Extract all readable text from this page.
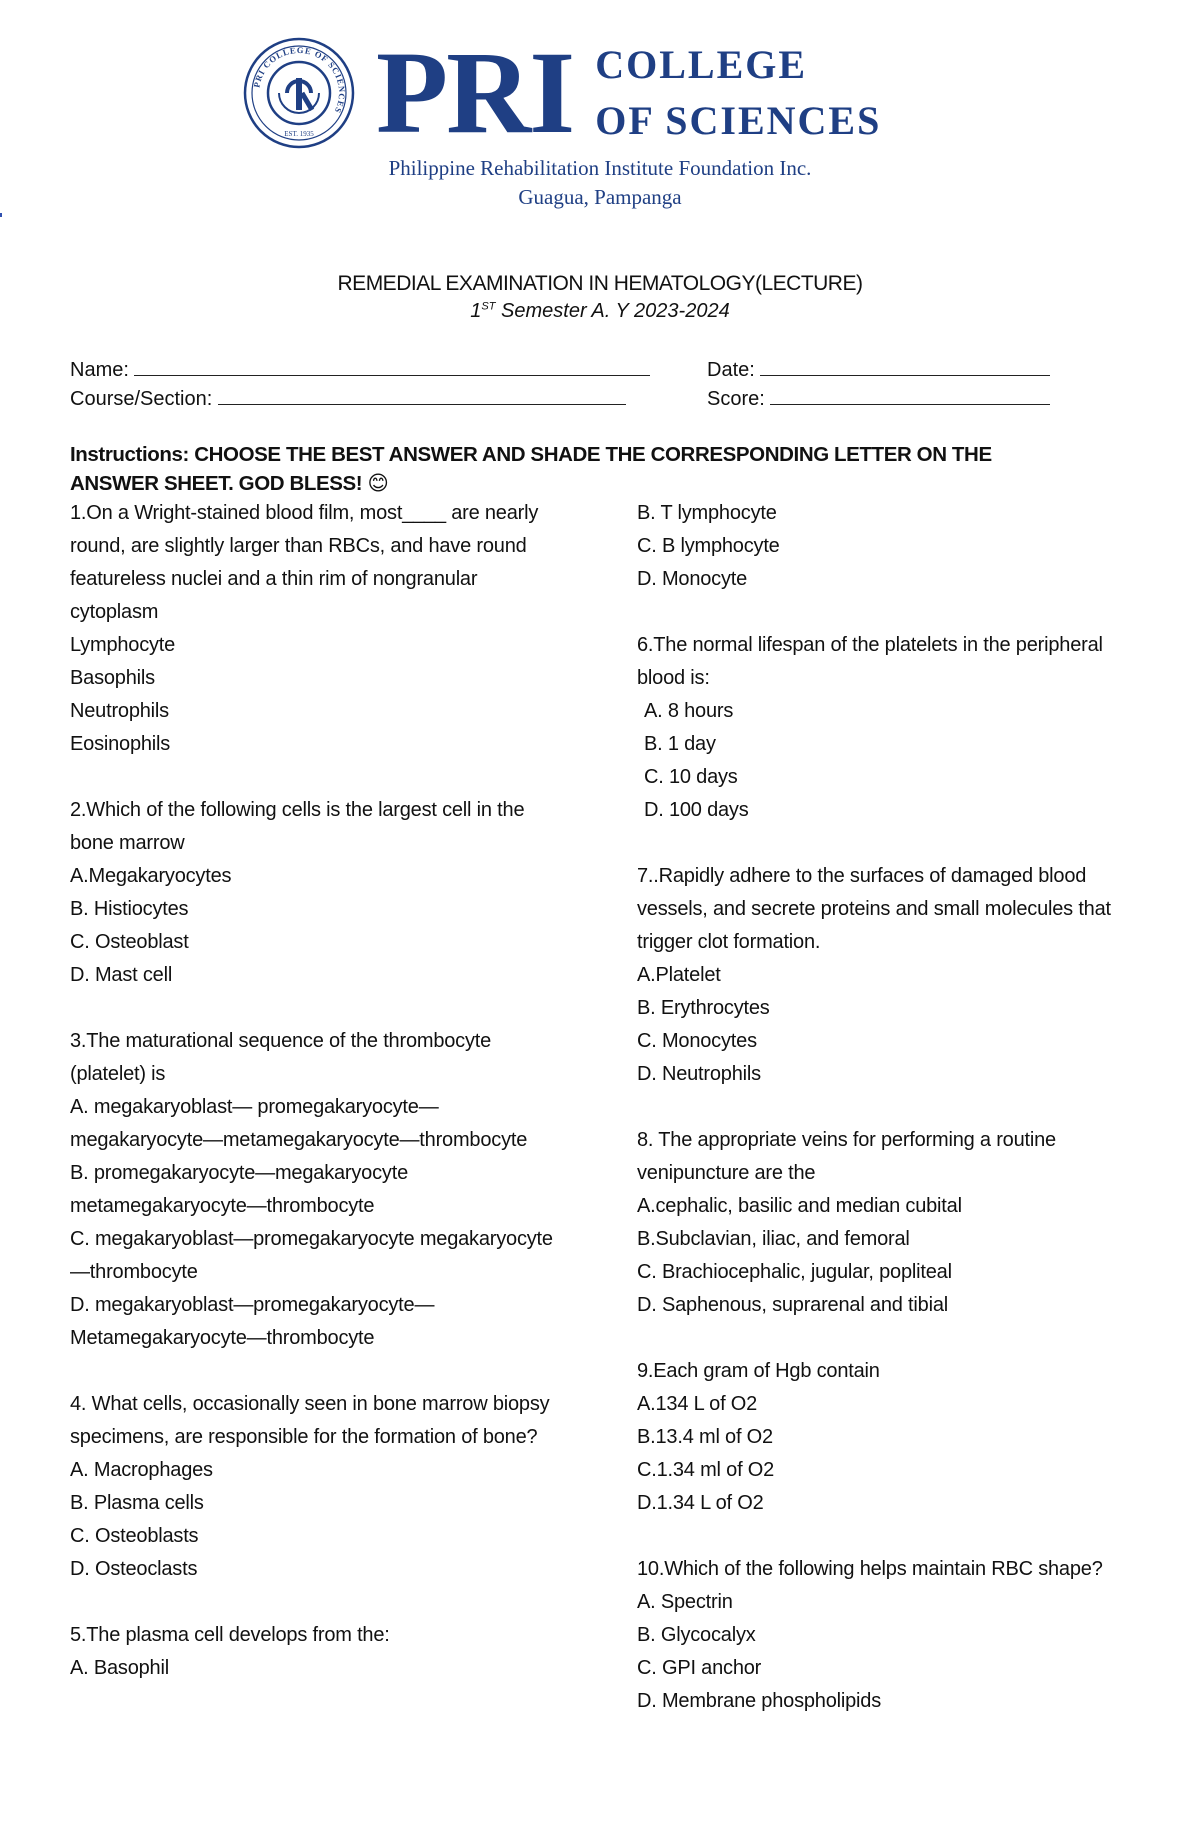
PRI COLLEGE OF SCIENCES
EST. 1935 PRI COLLEGE
OF SCIENCES
Philippine Rehabilitation Institute Foundation Inc.
Guagua, Pampanga
REMEDIAL EXAMINATION IN HEMATOLOGY(LECTURE)
1ST Semester A. Y 2023-2024
Name:	Date:
Course/Section:	Score:
Instructions: CHOOSE THE BEST ANSWER AND SHADE THE CORRESPONDING LETTER ON THE ANSWER SHEET. GOD BLESS! 😊

1.On a Wright-stained blood film, most____ are nearly round, are slightly larger than RBCs, and have round featureless nuclei and a thin rim of nongranular cytoplasm

Lymphocyte

Basophils

Neutrophils

Eosinophils

2.Which of the following cells is the largest cell in the bone marrow

A.Megakaryocytes

B. Histiocytes

C. Osteoblast

D. Mast cell

3.The maturational sequence of the thrombocyte (platelet) is

A. megakaryoblast— promegakaryocyte—megakaryocyte—metamegakaryocyte—thrombocyte

B. promegakaryocyte—megakaryocyte metamegakaryocyte—thrombocyte

C. megakaryoblast—promegakaryocyte megakaryocyte—thrombocyte

D. megakaryoblast—promegakaryocyte—Metamegakaryocyte—thrombocyte

4. What cells, occasionally seen in bone marrow biopsy specimens, are responsible for the formation of bone?

A. Macrophages

B. Plasma cells

C. Osteoblasts

D. Osteoclasts

5.The plasma cell develops from the:

A. Basophil

B. T lymphocyte

C. B lymphocyte

D. Monocyte

6.The normal lifespan of the platelets in the peripheral blood is:

A. 8 hours

B. 1 day

C. 10 days

D. 100 days

7..Rapidly adhere to the surfaces of damaged blood vessels, and secrete proteins and small molecules that trigger clot formation.

A.Platelet

B. Erythrocytes

C. Monocytes

D. Neutrophils

8. The appropriate veins for performing a routine venipuncture are the

A.cephalic, basilic and median cubital

B.Subclavian, iliac, and femoral

C. Brachiocephalic, jugular, popliteal

D. Saphenous, suprarenal and tibial

9.Each gram of Hgb contain

A.134 L of O2

B.13.4 ml of O2

C.1.34 ml of O2

D.1.34 L of O2

10.Which of the following helps maintain RBC shape?

A. Spectrin

B. Glycocalyx

C. GPI anchor

D. Membrane phospholipids
